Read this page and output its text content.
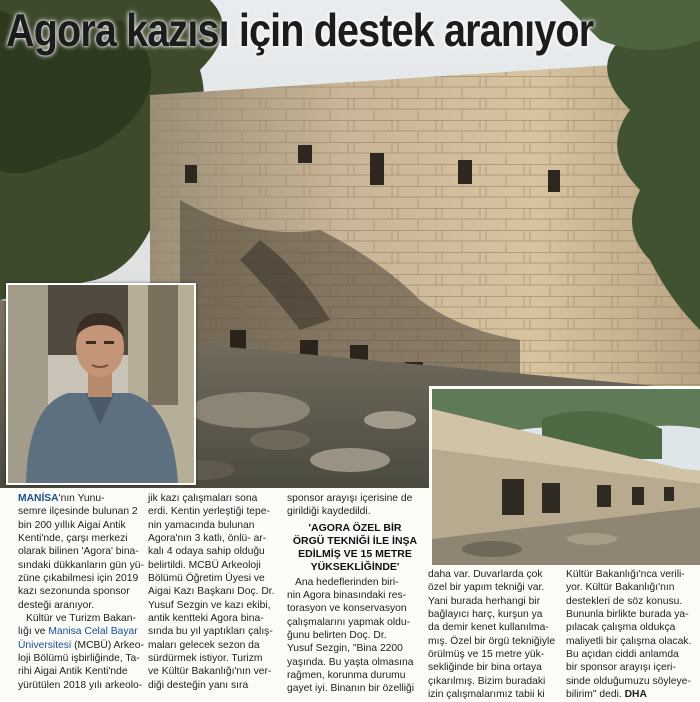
Agora kazısı için destek aranıyor
MANİSA'nın Yunu-
semre ilçesinde bulunan 2
bin 200 yıllık Aigai Antik
Kenti'nde, çarşı merkezi
olarak bilinen 'Agora' bina-
sındaki dükkanların gün yü-
züne çıkabilmesi için 2019
kazı sezonunda sponsor
desteği aranıyor.
Kültür ve Turizm Bakan-
lığı ve Manisa Celal Bayar
Üniversitesi (MCBÜ) Arkeo-
loji Bölümü işbirliğinde, Ta-
rihi Aigai Antik Kenti'nde
yürütülen 2018 yılı arkeolo-
jik kazı çalışmaları sona
erdi. Kentin yerleştiği tepe-
nin yamacında bulunan
Agora'nın 3 katlı, önlü- ar-
kalı 4 odaya sahip olduğu
belirtildi. MCBÜ Arkeoloji
Bölümü Öğretim Üyesi ve
Aigai Kazı Başkanı Doç. Dr.
Yusuf Sezgin ve kazı ekibi,
antik kentteki Agora bina-
sında bu yıl yaptıkları çalış-
maları gelecek sezon da
sürdürmek istiyor. Turizm
ve Kültür Bakanlığı'nın ver-
diği desteğin yanı sıra
sponsor arayışı içerisine de
girildiği kaydedildi.
'AGORA ÖZEL BİR
ÖRGÜ TEKNİĞİ İLE İNŞA
EDİLMİŞ VE 15 METRE
YÜKSEKLİĞİNDE'
Ana hedeflerinden biri-
nin Agora binasındaki res-
torasyon ve konservasyon
çalışmalarını yapmak oldu-
ğunu belirten Doç. Dr.
Yusuf Sezgin, "Bina 2200
yaşında. Bu yaşta olmasına
rağmen, korunma durumu
gayet iyi. Binanın bir özelliği
daha var. Duvarlarda çok
özel bir yapım tekniği var.
Yani burada herhangi bir
bağlayıcı harç, kurşun ya
da demir kenet kullanılma-
mış. Özel bir örgü tekniğiyle
örülmüş ve 15 metre yük-
sekliğinde bir bina ortaya
çıkarılmış. Bizim buradaki
izin çalışmalarımız tabii ki
Kültür Bakanlığı'nca verili-
yor. Kültür Bakanlığı'nın
destekleri de söz konusu.
Bununla birlikte burada ya-
pılacak çalışma oldukça
maliyetli bir çalışma olacak.
Bu açıdan ciddi anlamda
bir sponsor arayışı içeri-
sinde olduğumuzu söyleye-
bilirim" dedi. DHA
